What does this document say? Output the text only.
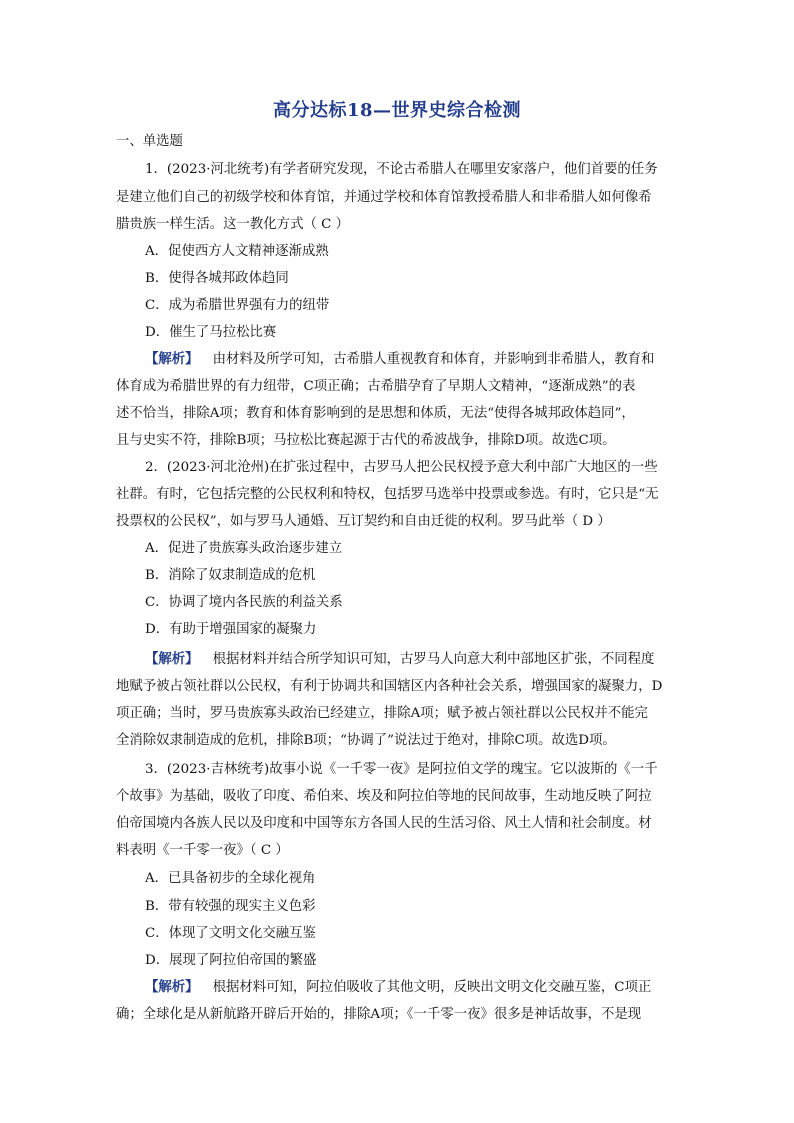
高分达标18—世界史综合检测
一、单选题
1．(2023·河北统考)有学者研究发现，不论古希腊人在哪里安家落户，他们首要的任务
是建立他们自己的初级学校和体育馆，并通过学校和体育馆教授希腊人和非希腊人如何像希
腊贵族一样生活。这一教化方式（ C ）
A．促使西方人文精神逐渐成熟
B．使得各城邦政体趋同
C．成为希腊世界强有力的纽带
D．催生了马拉松比赛
【解析】 由材料及所学可知，古希腊人重视教育和体育，并影响到非希腊人，教育和
体育成为希腊世界的有力纽带，C项正确；古希腊孕育了早期人文精神，“逐渐成熟”的表
述不恰当，排除A项；教育和体育影响到的是思想和体质，无法“使得各城邦政体趋同”，
且与史实不符，排除B项；马拉松比赛起源于古代的希波战争，排除D项。故选C项。
2．(2023·河北沧州)在扩张过程中，古罗马人把公民权授予意大利中部广大地区的一些
社群。有时，它包括完整的公民权利和特权，包括罗马选举中投票或参选。有时，它只是“无
投票权的公民权”，如与罗马人通婚、互订契约和自由迁徙的权利。罗马此举（ D ）
A．促进了贵族寡头政治逐步建立
B．消除了奴隶制造成的危机
C．协调了境内各民族的利益关系
D．有助于增强国家的凝聚力
【解析】 根据材料并结合所学知识可知，古罗马人向意大利中部地区扩张，不同程度
地赋予被占领社群以公民权，有利于协调共和国辖区内各种社会关系，增强国家的凝聚力，D
项正确；当时，罗马贵族寡头政治已经建立，排除A项；赋予被占领社群以公民权并不能完
全消除奴隶制造成的危机，排除B项；“协调了”说法过于绝对，排除C项。故选D项。
3．(2023·吉林统考)故事小说《一千零一夜》是阿拉伯文学的瑰宝。它以波斯的《一千
个故事》为基础，吸收了印度、希伯来、埃及和阿拉伯等地的民间故事，生动地反映了阿拉
伯帝国境内各族人民以及印度和中国等东方各国人民的生活习俗、风土人情和社会制度。材
料表明《一千零一夜》（ C ）
A．已具备初步的全球化视角
B．带有较强的现实主义色彩
C．体现了文明文化交融互鉴
D．展现了阿拉伯帝国的繁盛
【解析】 根据材料可知，阿拉伯吸收了其他文明，反映出文明文化交融互鉴，C项正
确；全球化是从新航路开辟后开始的，排除A项；《一千零一夜》很多是神话故事，不是现
